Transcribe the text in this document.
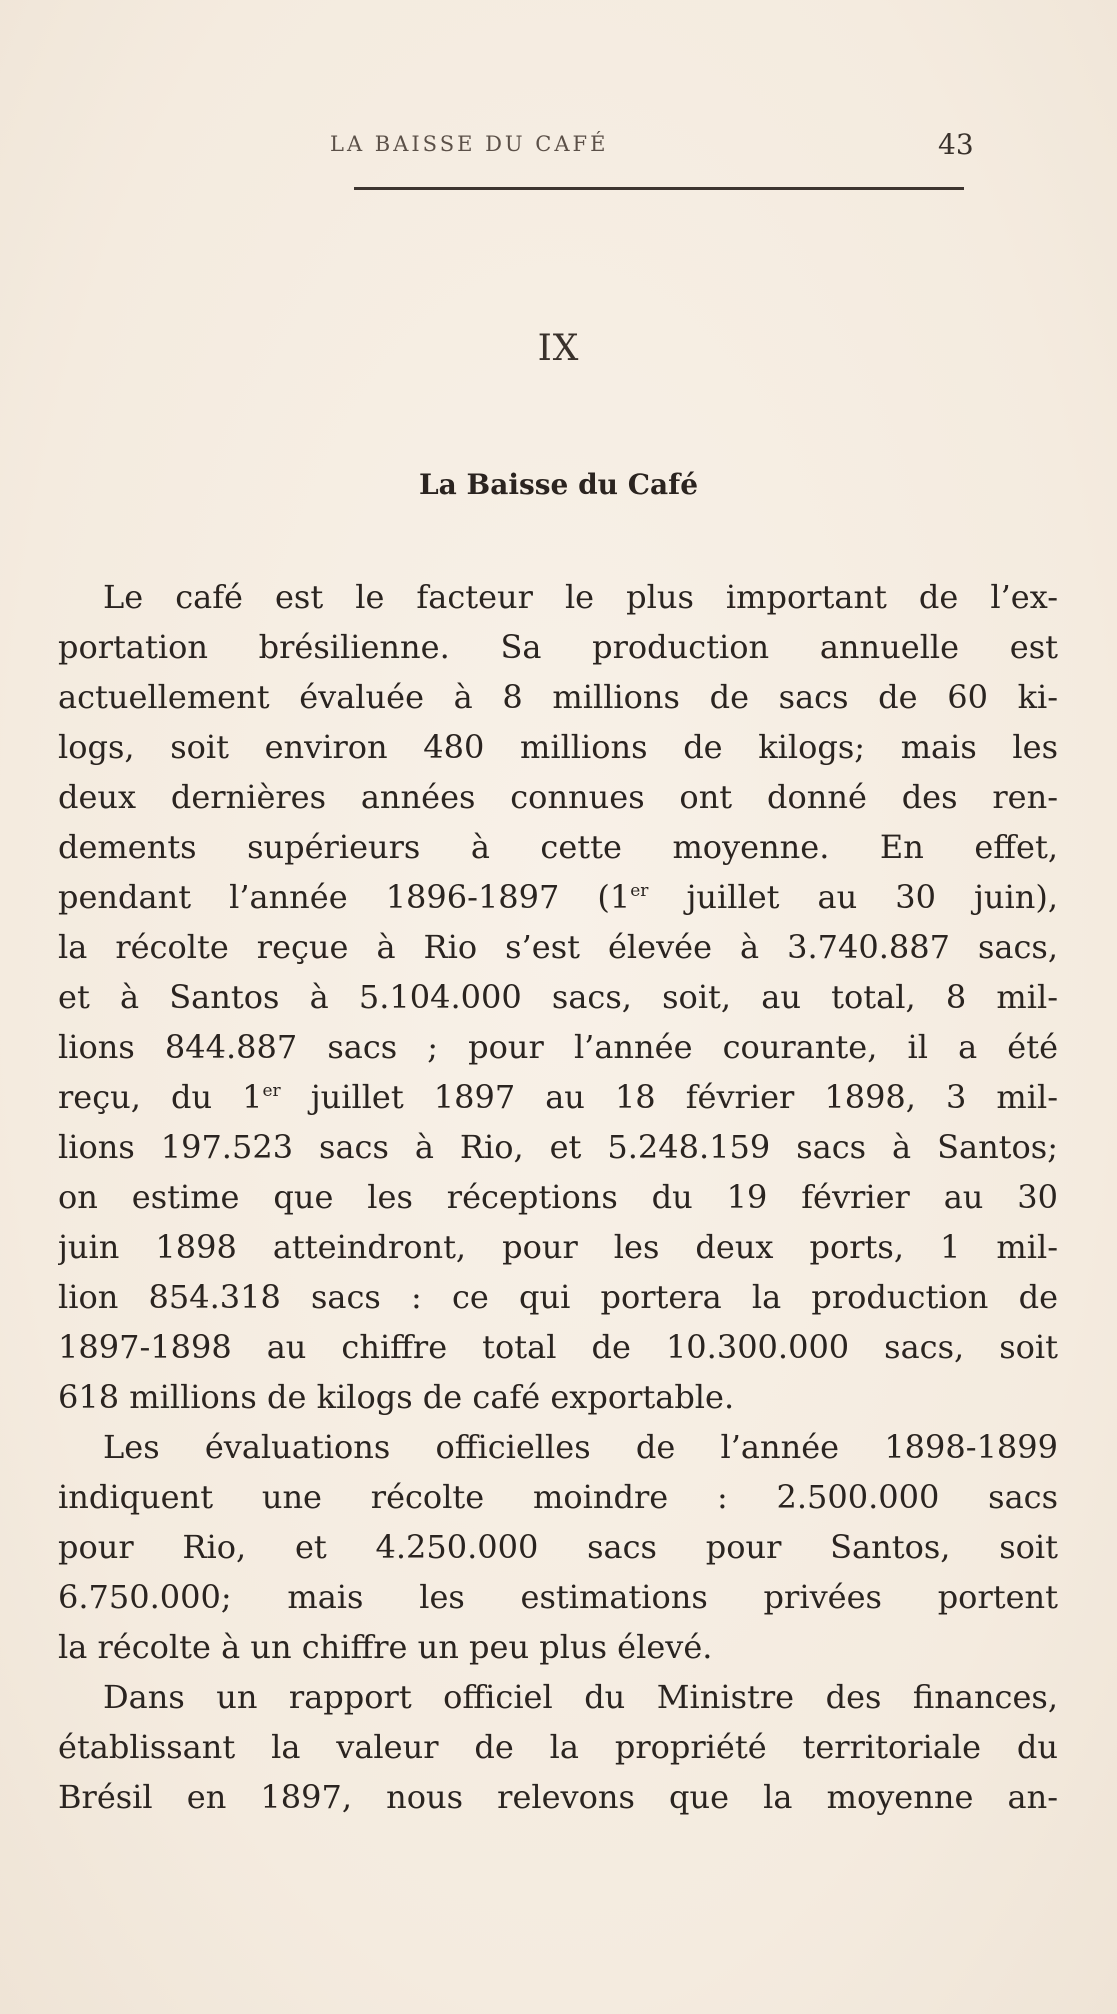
LA BAISSE DU CAFÉ	43
IX
La Baisse du Café
Le café est le facteur le plus important de l’ex-
portation brésilienne. Sa production annuelle est
actuellement évaluée à 8 millions de sacs de 60 ki-
logs, soit environ 480 millions de kilogs; mais les
deux dernières années connues ont donné des ren-
dements supérieurs à cette moyenne. En effet,
pendant l’année 1896-1897 (1er juillet au 30 juin),
la récolte reçue à Rio s’est élevée à 3.740.887 sacs,
et à Santos à 5.104.000 sacs, soit, au total, 8 mil-
lions 844.887 sacs ; pour l’année courante, il a été
reçu, du 1er juillet 1897 au 18 février 1898, 3 mil-
lions 197.523 sacs à Rio, et 5.248.159 sacs à Santos;
on estime que les réceptions du 19 février au 30
juin 1898 atteindront, pour les deux ports, 1 mil-
lion 854.318 sacs : ce qui portera la production de
1897-1898 au chiffre total de 10.300.000 sacs, soit
618 millions de kilogs de café exportable.
Les évaluations officielles de l’année 1898-1899
indiquent une récolte moindre : 2.500.000 sacs
pour Rio, et 4.250.000 sacs pour Santos, soit
6.750.000; mais les estimations privées portent
la récolte à un chiffre un peu plus élevé.
Dans un rapport officiel du Ministre des finances,
établissant la valeur de la propriété territoriale du
Brésil en 1897, nous relevons que la moyenne an-
